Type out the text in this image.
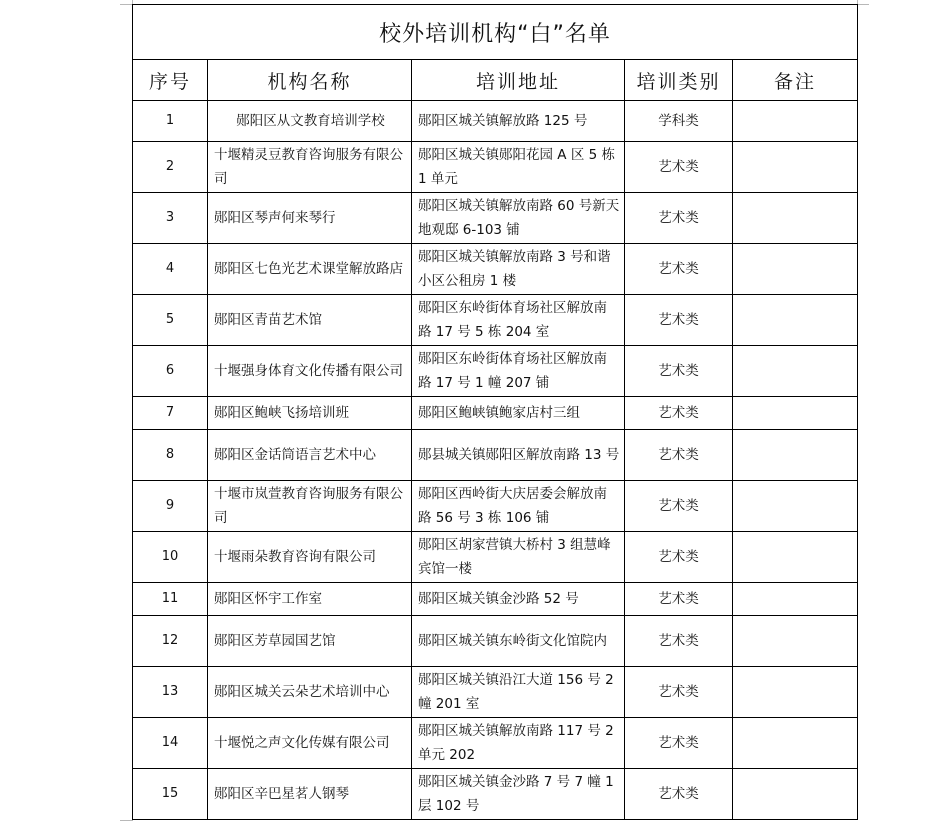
校外培训机构“白”名单				
序号	机构名称	培训地址	培训类别	备注
1	郧阳区从文教育培训学校	郧阳区城关镇解放路 125 号	学科类	
2	十堰精灵豆教育咨询服务有限公司	郧阳区城关镇郧阳花园 A 区 5 栋 1 单元	艺术类	
3	郧阳区琴声何来琴行	郧阳区城关镇解放南路 60 号新天地观邸 6-103 铺	艺术类	
4	郧阳区七色光艺术课堂解放路店	郧阳区城关镇解放南路 3 号和谐小区公租房 1 楼	艺术类	
5	郧阳区青苗艺术馆	郧阳区东岭街体育场社区解放南路 17 号 5 栋 204 室	艺术类	
6	十堰强身体育文化传播有限公司	郧阳区东岭街体育场社区解放南路 17 号 1 幢 207 铺	艺术类	
7	郧阳区鲍峡飞扬培训班	郧阳区鲍峡镇鲍家店村三组	艺术类	
8	郧阳区金话筒语言艺术中心	郧县城关镇郧阳区解放南路 13 号	艺术类	
9	十堰市岚萱教育咨询服务有限公司	郧阳区西岭街大庆居委会解放南路 56 号 3 栋 106 铺	艺术类	
10	十堰雨朵教育咨询有限公司	郧阳区胡家营镇大桥村 3 组慧峰宾馆一楼	艺术类	
11	郧阳区怀宇工作室	郧阳区城关镇金沙路 52 号	艺术类	
12	郧阳区芳草园国艺馆	郧阳区城关镇东岭街文化馆院内	艺术类	
13	郧阳区城关云朵艺术培训中心	郧阳区城关镇沿江大道 156 号 2 幢 201 室	艺术类	
14	十堰悦之声文化传媒有限公司	郧阳区城关镇解放南路 117 号 2 单元 202	艺术类	
15	郧阳区辛巴星茗人钢琴	郧阳区城关镇金沙路 7 号 7 幢 1 层 102 号	艺术类	
